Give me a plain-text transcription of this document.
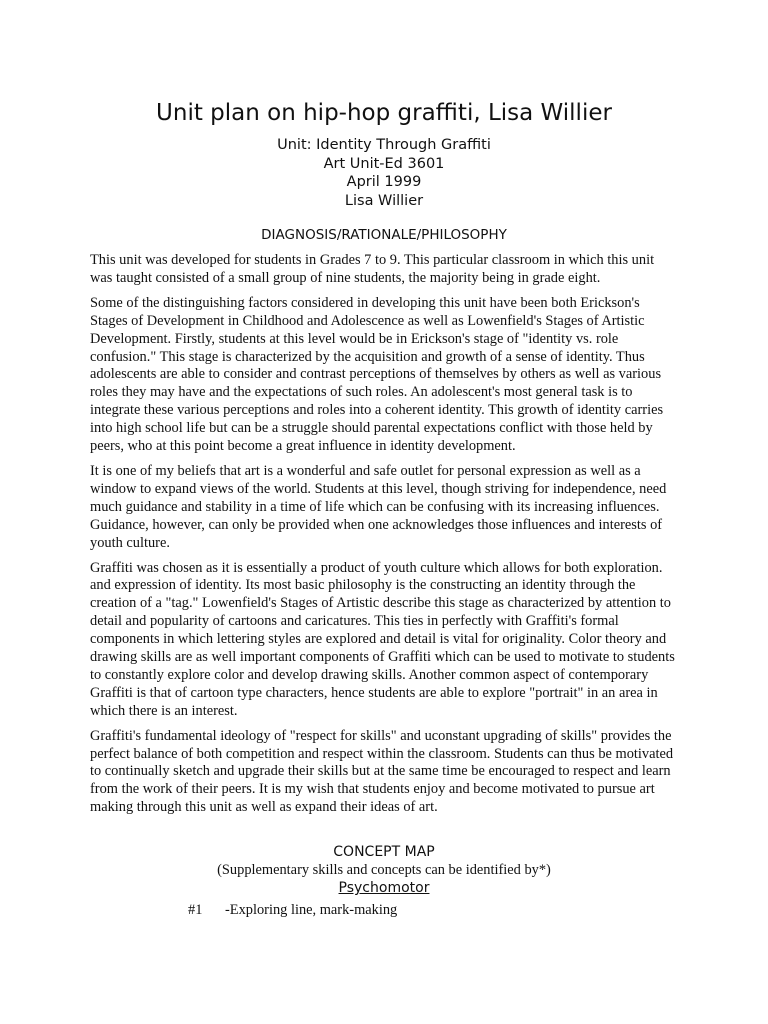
Unit plan on hip-hop graffiti, Lisa Willier
Unit: Identity Through Graffiti
Art Unit-Ed 3601
April 1999
Lisa Willier
DIAGNOSIS/RATIONALE/PHILOSOPHY

This unit was developed for students in Grades 7 to 9. This particular classroom in which this unit was taught consisted of a small group of nine students, the majority being in grade eight.

Some of the distinguishing factors considered in developing this unit have been both Erickson's Stages of Development in Childhood and Adolescence as well as Lowenfield's Stages of Artistic Development. Firstly, students at this level would be in Erickson's stage of "identity vs. role confusion." This stage is characterized by the acquisition and growth of a sense of identity. Thus adolescents are able to consider and contrast perceptions of themselves by others as well as various roles they may have and the expectations of such roles. An adolescent's most general task is to integrate these various perceptions and roles into a coherent identity. This growth of identity carries into high school life but can be a struggle should parental expectations conflict with those held by peers, who at this point become a great influence in identity development.

It is one of my beliefs that art is a wonderful and safe outlet for personal expression as well as a window to expand views of the world. Students at this level, though striving for independence, need much guidance and stability in a time of life which can be confusing with its increasing influences. Guidance, however, can only be provided when one acknowledges those influences and interests of youth culture.

Graffiti was chosen as it is essentially a product of youth culture which allows for both exploration. and expression of identity. Its most basic philosophy is the constructing an identity through the creation of a "tag." Lowenfield's Stages of Artistic describe this stage as characterized by attention to detail and popularity of cartoons and caricatures. This ties in perfectly with Graffiti's formal components in which lettering styles are explored and detail is vital for originality. Color theory and drawing skills are as well important components of Graffiti which can be used to motivate to students to constantly explore color and develop drawing skills. Another common aspect of contemporary Graffiti is that of cartoon type characters, hence students are able to explore "portrait" in an area in which there is an interest.

Graffiti's fundamental ideology of "respect for skills" and uconstant upgrading of skills" provides the perfect balance of both competition and respect within the classroom. Students can thus be motivated to continually sketch and upgrade their skills but at the same time be encouraged to respect and learn from the work of their peers. It is my wish that students enjoy and become motivated to pursue art making through this unit as well as expand their ideas of art.

CONCEPT MAP
(Supplementary skills and concepts can be identified by*)
Psychomotor
#1 -Exploring line, mark-making
